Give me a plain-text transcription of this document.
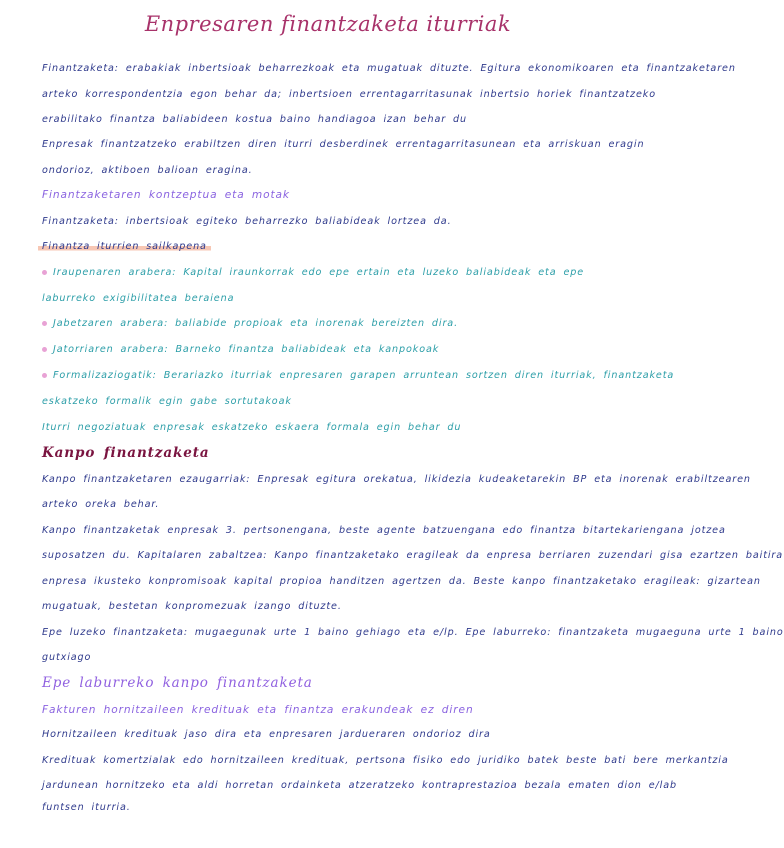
Enpresaren finantzaketa iturriak
Finantzaketa: erabakiak inbertsioak beharrezkoak eta mugatuak dituzte. Egitura ekonomikoaren eta finantzaketaren
arteko korrespondentzia egon behar da; inbertsioen errentagarritasunak inbertsio horiek finantzatzeko
erabilitako finantza baliabideen kostua baino handiagoa izan behar du
Enpresak finantzatzeko erabiltzen diren iturri desberdinek errentagarritasunean eta arriskuan eragin
ondorioz, aktiboen balioan eragina.
Finantzaketaren kontzeptua eta motak
Finantzaketa: inbertsioak egiteko beharrezko baliabideak lortzea da.
Finantza iturrien sailkapena
Iraupenaren arabera: Kapital iraunkorrak edo epe ertain eta luzeko baliabideak eta epe
laburreko exigibilitatea beraiena
Jabetzaren arabera: baliabide propioak eta inorenak bereizten dira.
Jatorriaren arabera: Barneko finantza baliabideak eta kanpokoak
Formalizaziogatik: Berariazko iturriak enpresaren garapen arruntean sortzen diren iturriak, finantzaketa
eskatzeko formalik egin gabe sortutakoak
Iturri negoziatuak enpresak eskatzeko eskaera formala egin behar du
Kanpo finantzaketa
Kanpo finantzaketaren ezaugarriak: Enpresak egitura orekatua, likidezia kudeaketarekin BP eta inorenak erabiltzearen
arteko oreka behar.
Kanpo finantzaketak enpresak 3. pertsonengana, beste agente batzuengana edo finantza bitartekariengana jotzea
suposatzen du. Kapitalaren zabaltzea: Kanpo finantzaketako eragileak da enpresa berriaren zuzendari gisa ezartzen baitira
enpresa ikusteko konpromisoak kapital propioa handitzen agertzen da. Beste kanpo finantzaketako eragileak: gizartean
mugatuak, bestetan konpromezuak izango dituzte.
Epe luzeko finantzaketa: mugaegunak urte 1 baino gehiago eta e/lp. Epe laburreko: finantzaketa mugaeguna urte 1 baino
gutxiago
Epe laburreko kanpo finantzaketa
Fakturen hornitzaileen kredituak eta finantza erakundeak ez diren
Hornitzaileen kredituak jaso dira eta enpresaren jardueraren ondorioz dira
Kredituak komertzialak edo hornitzaileen kredituak, pertsona fisiko edo juridiko batek beste bati bere merkantzia
jardunean hornitzeko eta aldi horretan ordainketa atzeratzeko kontraprestazioa bezala ematen dion e/lab
funtsen iturria.
